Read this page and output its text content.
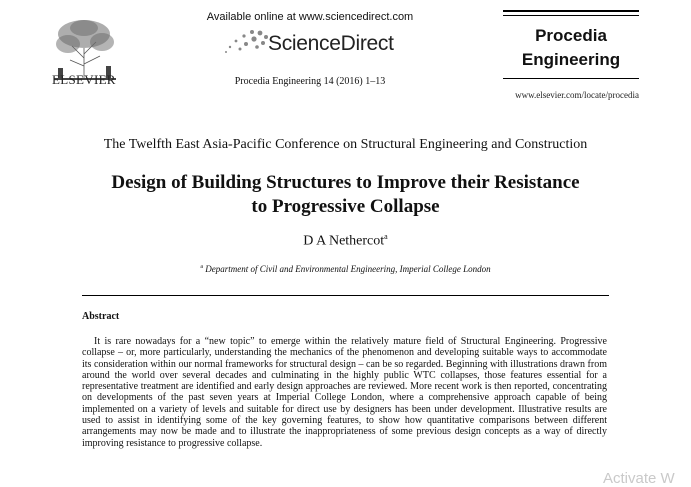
ELSEVIER
Available online at www.sciencedirect.com
ScienceDirect
Procedia Engineering 14 (2016) 1–13
Procedia
Engineering
www.elsevier.com/locate/procedia
The Twelfth East Asia-Pacific Conference on Structural Engineering and Construction
Design of Building Structures to Improve their Resistance
to Progressive Collapse
D A Nethercot$^a$
$^a$ Department of Civil and Environmental Engineering, Imperial College London
Abstract
It is rare nowadays for a “new topic” to emerge within the relatively mature field of Structural Engineering. Progressive collapse – or, more particularly, understanding the mechanics of the phenomenon and developing suitable ways to accommodate its consideration within our normal frameworks for structural design – can be so regarded. Beginning with illustrations drawn from around the world over several decades and culminating in the highly public WTC collapses, those features essential for a representative treatment are identified and early design approaches are reviewed. More recent work is then reported, concentrating on developments of the past seven years at Imperial College London, where a comprehensive approach capable of being implemented on a variety of levels and suitable for direct use by designers has been under development. Illustrative results are used to assist in identifying some of the key governing features, to show how quantitative comparisons between different arrangements may now be made and to illustrate the inappropriateness of some previous design concepts as a way of directly improving resistance to progressive collapse.
Activate W
